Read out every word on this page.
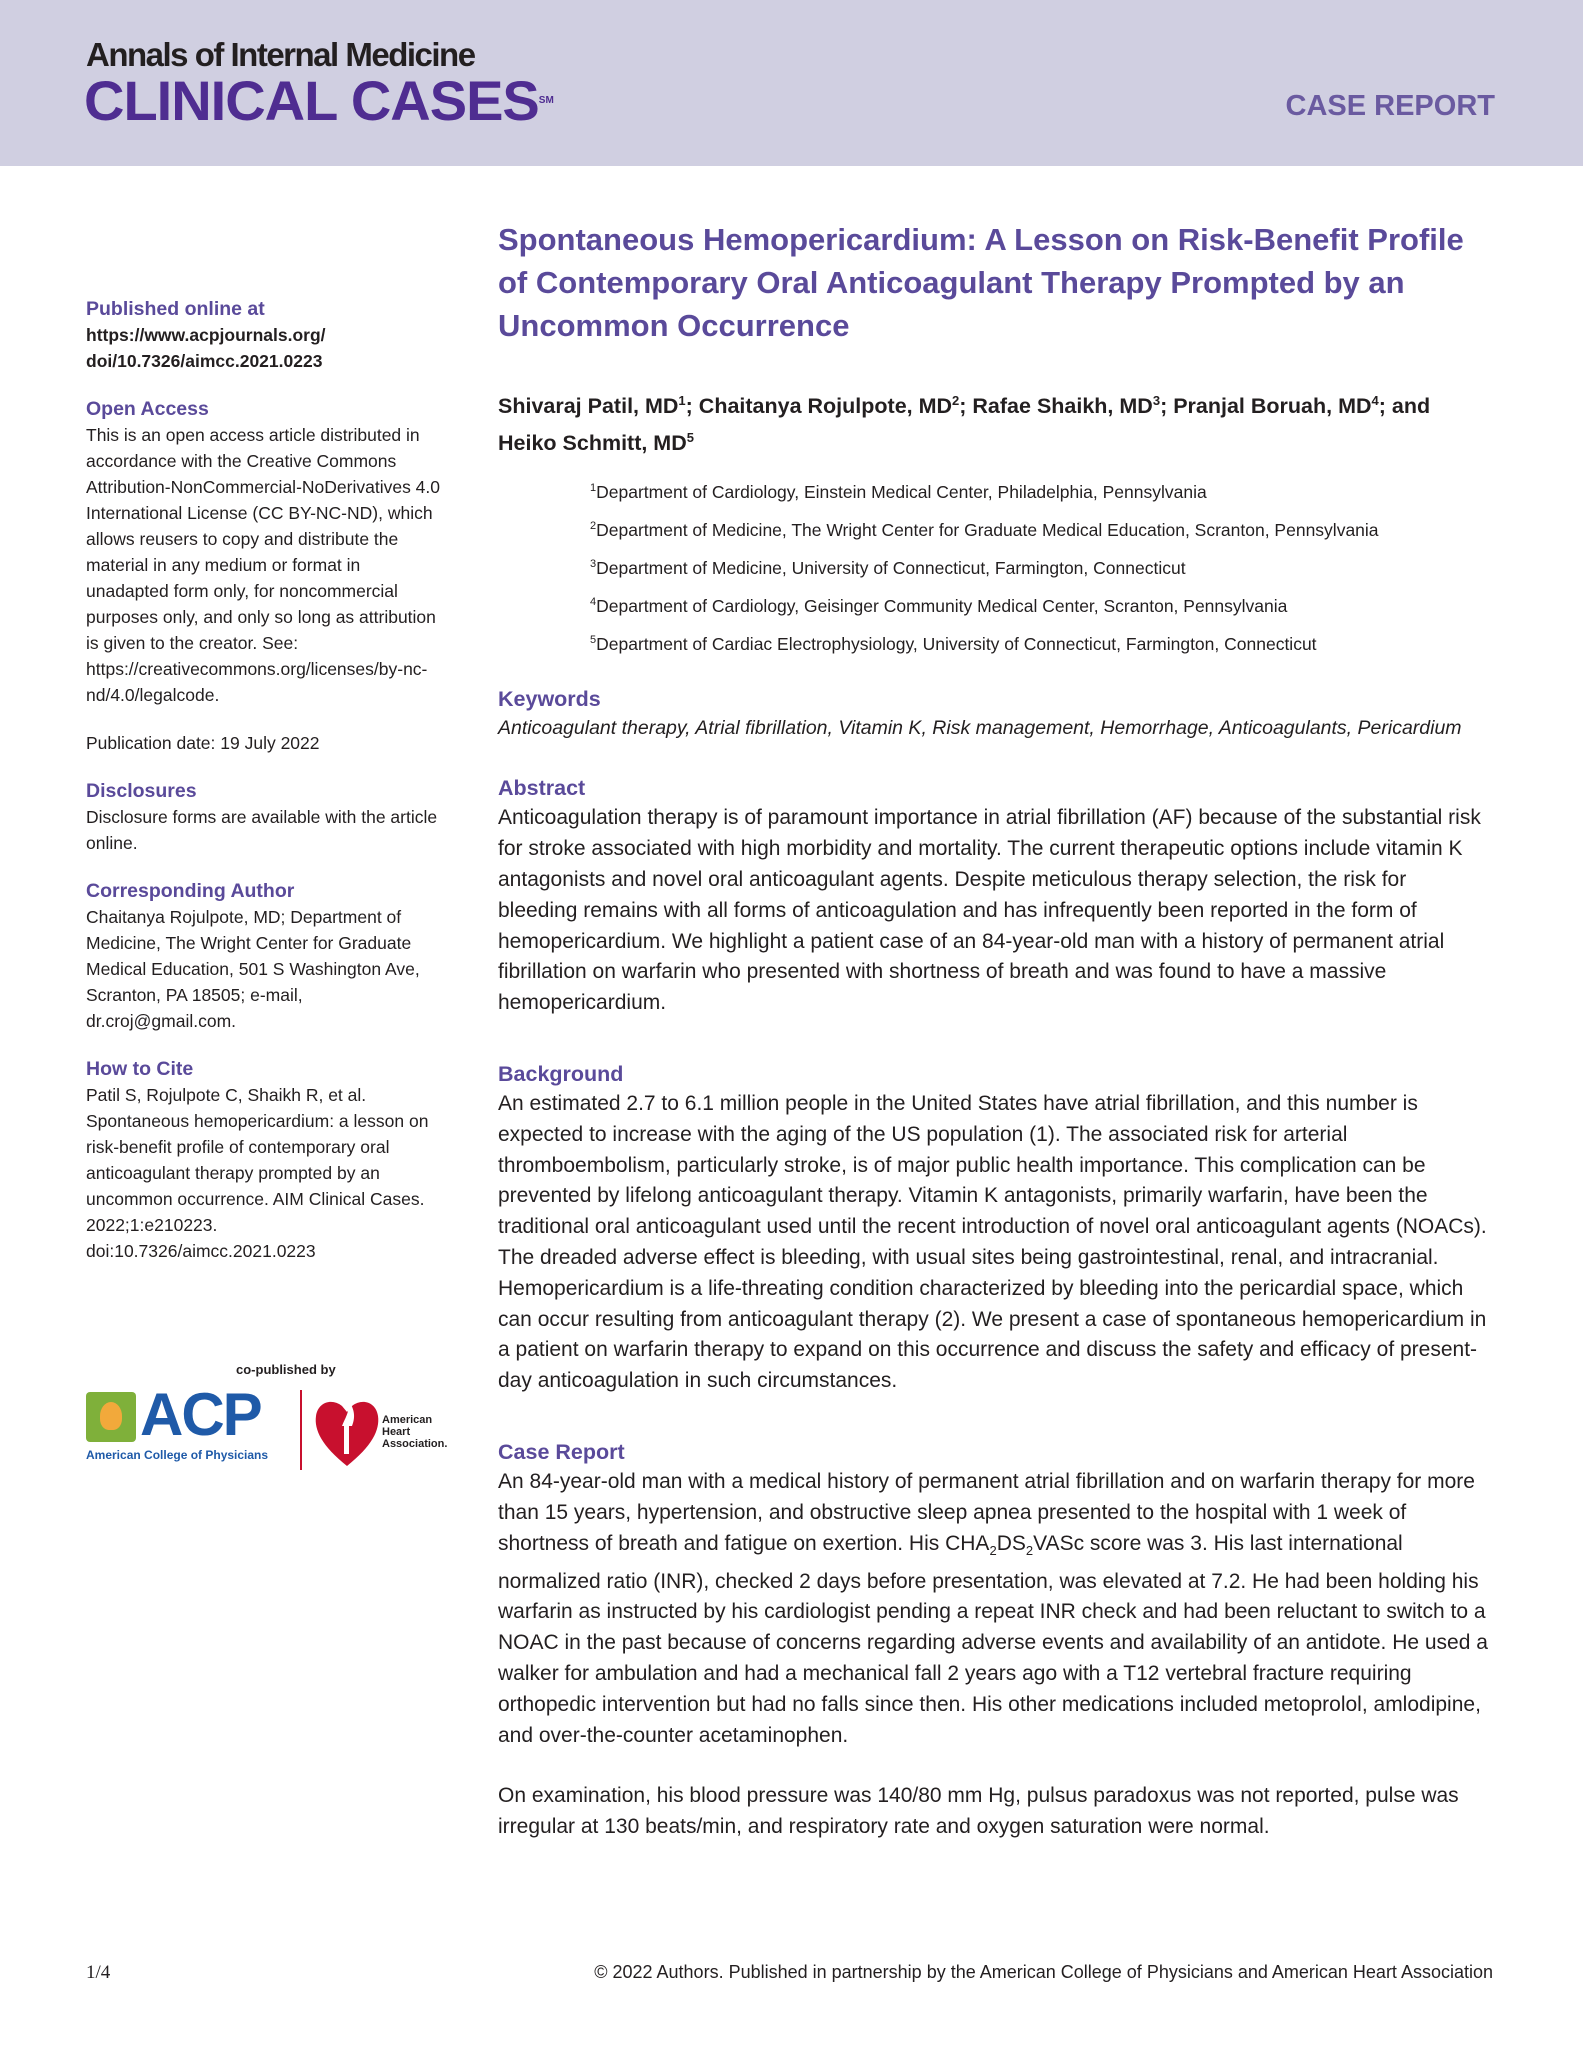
Annals of Internal Medicine
CLINICAL CASESSM	CASE REPORT

Published online at

https://www.acpjournals.org/ doi/10.7326/aimcc.2021.0223

Open Access

This is an open access article distributed in accordance with the Creative Commons Attribution-NonCommercial-NoDerivatives 4.0 International License (CC BY-NC-ND), which allows reusers to copy and distribute the material in any medium or format in unadapted form only, for noncommercial purposes only, and only so long as attribution is given to the creator. See: https://creativecommons.org/licenses/by-nc-nd/4.0/legalcode.

Publication date: 19 July 2022

Disclosures

Disclosure forms are available with the article online.

Corresponding Author

Chaitanya Rojulpote, MD; Department of Medicine, The Wright Center for Graduate Medical Education, 501 S Washington Ave, Scranton, PA 18505; e-mail, dr.croj@gmail.com.

How to Cite

Patil S, Rojulpote C, Shaikh R, et al. Spontaneous hemopericardium: a lesson on risk-benefit profile of contemporary oral anticoagulant therapy prompted by an uncommon occurrence. AIM Clinical Cases. 2022;1:e210223. doi:10.7326/aimcc.2021.0223

co-published by
ACP
American College of Physicians
American
Heart
Association.
Spontaneous Hemopericardium: A Lesson on Risk-Benefit Profile of Contemporary Oral Anticoagulant Therapy Prompted by an Uncommon Occurrence
Shivaraj Patil, $MD^1$; Chaitanya Rojulpote, $MD^2$; Rafae Shaikh, $MD^3$; Pranjal Boruah, $MD^4$; and Heiko Schmitt, $MD^5$
$^1$Department of Cardiology, Einstein Medical Center, Philadelphia, Pennsylvania
$^2$Department of Medicine, The Wright Center for Graduate Medical Education, Scranton, Pennsylvania
$^3$Department of Medicine, University of Connecticut, Farmington, Connecticut
$^4$Department of Cardiology, Geisinger Community Medical Center, Scranton, Pennsylvania
$^5$Department of Cardiac Electrophysiology, University of Connecticut, Farmington, Connecticut

Keywords

Anticoagulant therapy, Atrial fibrillation, Vitamin K, Risk management, Hemorrhage, Anticoagulants, Pericardium

Abstract

Anticoagulation therapy is of paramount importance in atrial fibrillation (AF) because of the substantial risk for stroke associated with high morbidity and mortality. The current therapeutic options include vitamin K antagonists and novel oral anticoagulant agents. Despite meticulous therapy selection, the risk for bleeding remains with all forms of anticoagulation and has infrequently been reported in the form of hemopericardium. We highlight a patient case of an 84-year-old man with a history of permanent atrial fibrillation on warfarin who presented with shortness of breath and was found to have a massive hemopericardium.

Background

An estimated 2.7 to 6.1 million people in the United States have atrial fibrillation, and this number is expected to increase with the aging of the US population (1). The associated risk for arterial thromboembolism, particularly stroke, is of major public health importance. This complication can be prevented by lifelong anticoagulant therapy. Vitamin K antagonists, primarily warfarin, have been the traditional oral anticoagulant used until the recent introduction of novel oral anticoagulant agents (NOACs). The dreaded adverse effect is bleeding, with usual sites being gastrointestinal, renal, and intracranial. Hemopericardium is a life-threating condition characterized by bleeding into the pericardial space, which can occur resulting from anticoagulant therapy (2). We present a case of spontaneous hemopericardium in a patient on warfarin therapy to expand on this occurrence and discuss the safety and efficacy of present-day anticoagulation in such circumstances.

Case Report

An 84-year-old man with a medical history of permanent atrial fibrillation and on warfarin therapy for more than 15 years, hypertension, and obstructive sleep apnea presented to the hospital with 1 week of shortness of breath and fatigue on exertion. His $CHA_2DS_2VASc$ score was 3. His last international normalized ratio (INR), checked 2 days before presentation, was elevated at 7.2. He had been holding his warfarin as instructed by his cardiologist pending a repeat INR check and had been reluctant to switch to a NOAC in the past because of concerns regarding adverse events and availability of an antidote. He used a walker for ambulation and had a mechanical fall 2 years ago with a T12 vertebral fracture requiring orthopedic intervention but had no falls since then. His other medications included metoprolol, amlodipine, and over-the-counter acetaminophen.

On examination, his blood pressure was 140/80 mm Hg, pulsus paradoxus was not reported, pulse was irregular at 130 beats/min, and respiratory rate and oxygen saturation were normal.

1/4	© 2022 Authors. Published in partnership by the American College of Physicians and American Heart Association
